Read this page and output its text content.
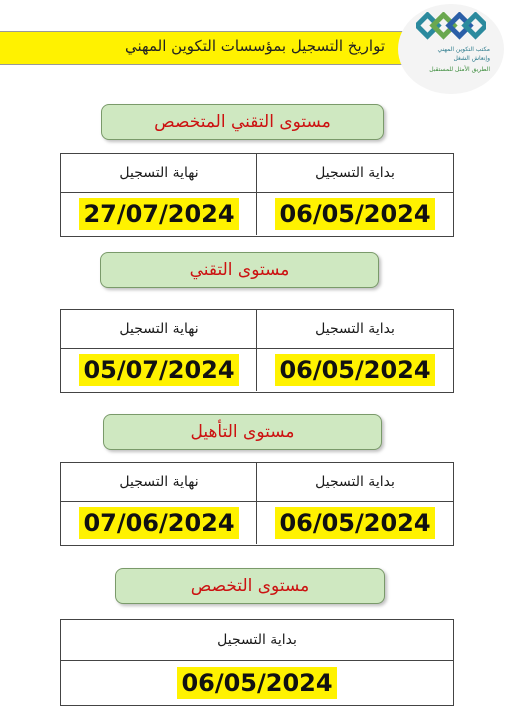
تواريخ التسجيل بمؤسسات التكوين المهني	مكتب التكوين المهني
وإنعاش الشغل
الطريق الأمثل للمستقبل
مستوى التقني المتخصص
بداية التسجيل
نهاية التسجيل
06/05/2024
27/07/2024
مستوى التقني
بداية التسجيل
نهاية التسجيل
06/05/2024
05/07/2024
مستوى التأهيل
بداية التسجيل
نهاية التسجيل
06/05/2024
07/06/2024
مستوى التخصص
بداية التسجيل
06/05/2024
